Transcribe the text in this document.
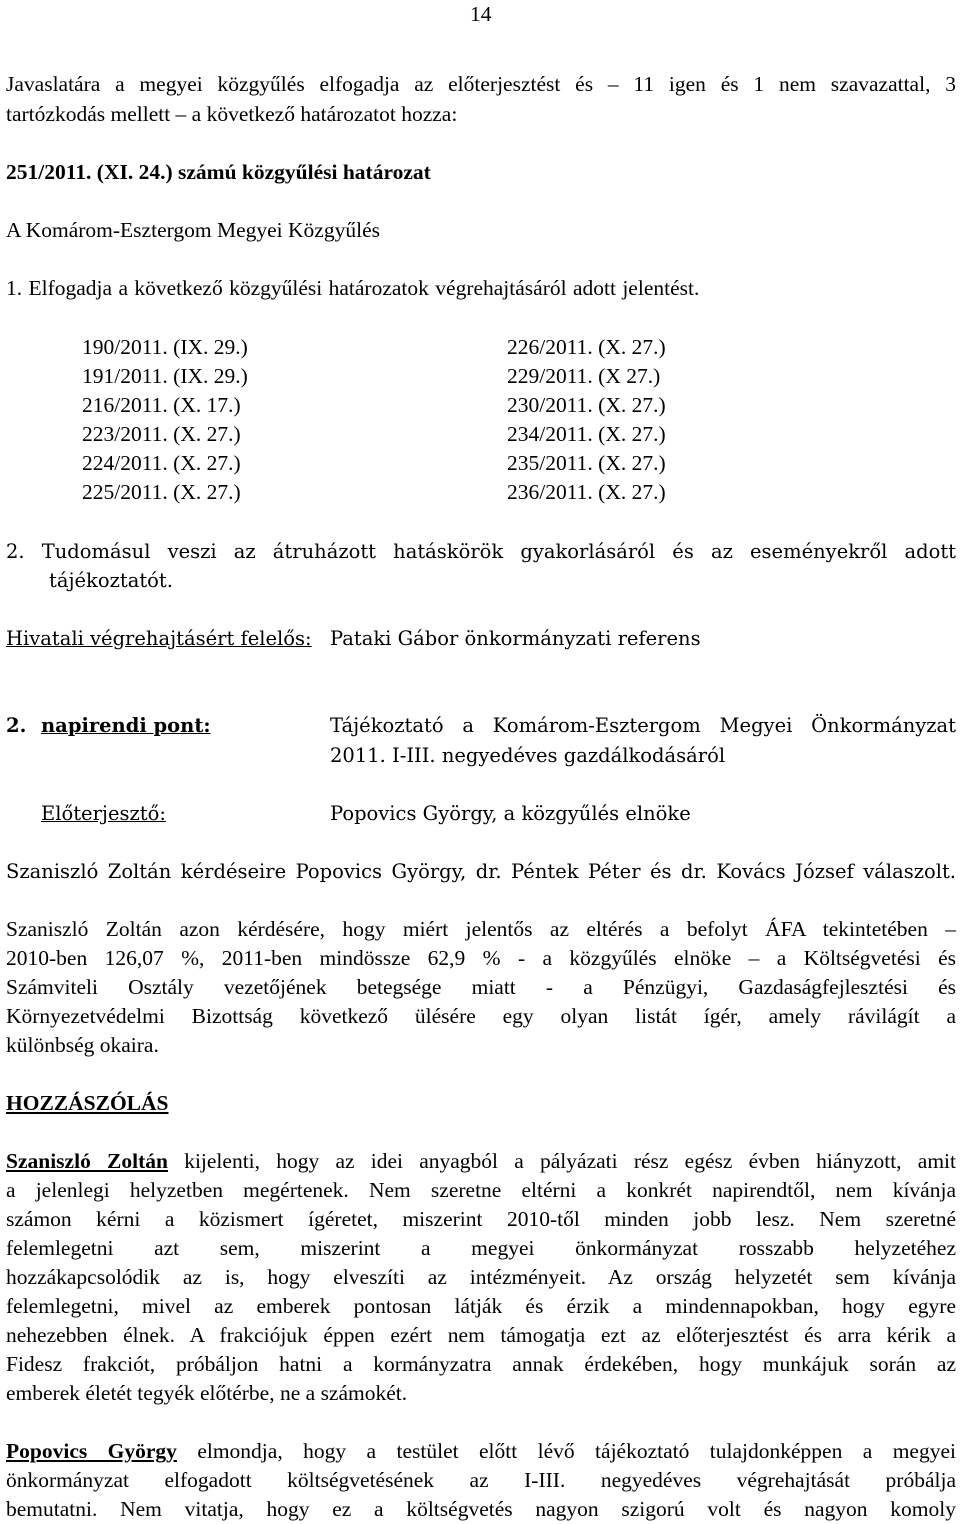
14
Javaslatára a megyei közgyűlés elfogadja az előterjesztést és – 11 igen és 1 nem szavazattal, 3
tartózkodás mellett – a következő határozatot hozza:
251/2011. (XI. 24.) számú közgyűlési határozat
A Komárom-Esztergom Megyei Közgyűlés
1. Elfogadja a következő közgyűlési határozatok végrehajtásáról adott jelentést.
190/2011. (IX. 29.)
191/2011. (IX. 29.)
216/2011. (X. 17.)
223/2011. (X. 27.)
224/2011. (X. 27.)
225/2011. (X. 27.)
226/2011. (X. 27.)
229/2011. (X 27.)
230/2011. (X. 27.)
234/2011. (X. 27.)
235/2011. (X. 27.)
236/2011. (X. 27.)
2. Tudomásul veszi az átruházott hatáskörök gyakorlásáról és az eseményekről adott
tájékoztatót.
Hivatali végrehajtásért felelős: Pataki Gábor önkormányzati referens
2. napirendi pont:	Tájékoztató a Komárom-Esztergom Megyei Önkormányzat
2011. I-III. negyedéves gazdálkodásáról
Előterjesztő:	Popovics György, a közgyűlés elnöke
Szaniszló Zoltán kérdéseire Popovics György, dr. Péntek Péter és dr. Kovács József válaszolt.
Szaniszló Zoltán azon kérdésére, hogy miért jelentős az eltérés a befolyt ÁFA tekintetében –
2010-ben 126,07 %, 2011-ben mindössze 62,9 % - a közgyűlés elnöke – a Költségvetési és
Számviteli Osztály vezetőjének betegsége miatt - a Pénzügyi, Gazdaságfejlesztési és
Környezetvédelmi Bizottság következő ülésére egy olyan listát ígér, amely rávilágít a
különbség okaira.
HOZZÁSZÓLÁS
Szaniszló Zoltán kijelenti, hogy az idei anyagból a pályázati rész egész évben hiányzott, amit
a jelenlegi helyzetben megértenek. Nem szeretne eltérni a konkrét napirendtől, nem kívánja
számon kérni a közismert ígéretet, miszerint 2010-től minden jobb lesz. Nem szeretné
felemlegetni azt sem, miszerint a megyei önkormányzat rosszabb helyzetéhez
hozzákapcsolódik az is, hogy elveszíti az intézményeit. Az ország helyzetét sem kívánja
felemlegetni, mivel az emberek pontosan látják és érzik a mindennapokban, hogy egyre
nehezebben élnek. A frakciójuk éppen ezért nem támogatja ezt az előterjesztést és arra kérik a
Fidesz frakciót, próbáljon hatni a kormányzatra annak érdekében, hogy munkájuk során az
emberek életét tegyék előtérbe, ne a számokét.
Popovics György elmondja, hogy a testület előtt lévő tájékoztató tulajdonképpen a megyei
önkormányzat elfogadott költségvetésének az I-III. negyedéves végrehajtását próbálja
bemutatni. Nem vitatja, hogy ez a költségvetés nagyon szigorú volt és nagyon komoly
